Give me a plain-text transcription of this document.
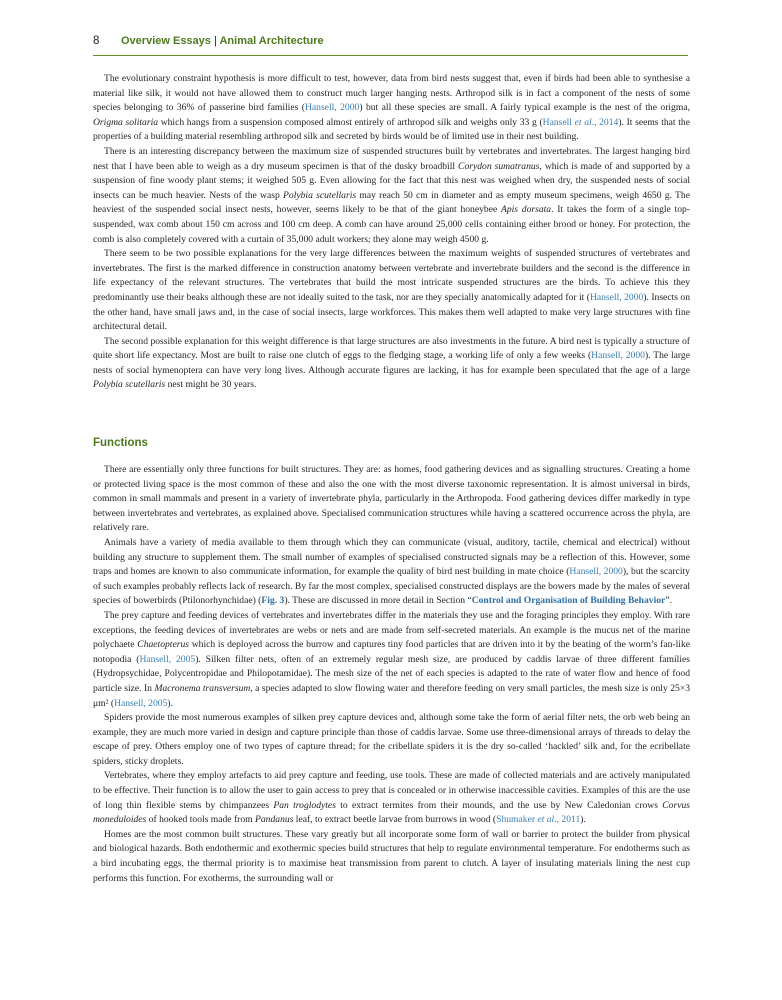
8 Overview Essays | Animal Architecture

The evolutionary constraint hypothesis is more difficult to test, however, data from bird nests suggest that, even if birds had been able to synthesise a material like silk, it would not have allowed them to construct much larger hanging nests. Arthropod silk is in fact a component of the nests of some species belonging to 36% of passerine bird families (Hansell, 2000) but all these species are small. A fairly typical example is the nest of the origma, Origma solitaria which hangs from a suspension composed almost entirely of arthropod silk and weighs only 33 g (Hansell et al., 2014). It seems that the properties of a building material resembling arthropod silk and secreted by birds would be of limited use in their nest building.

There is an interesting discrepancy between the maximum size of suspended structures built by vertebrates and invertebrates. The largest hanging bird nest that I have been able to weigh as a dry museum specimen is that of the dusky broadbill Corydon sumatranus, which is made of and supported by a suspension of fine woody plant stems; it weighed 505 g. Even allowing for the fact that this nest was weighed when dry, the suspended nests of social insects can be much heavier. Nests of the wasp Polybia scutellaris may reach 50 cm in diameter and as empty museum specimens, weigh 4650 g. The heaviest of the suspended social insect nests, however, seems likely to be that of the giant honeybee Apis dorsata. It takes the form of a single top-suspended, wax comb about 150 cm across and 100 cm deep. A comb can have around 25,000 cells containing either brood or honey. For protection, the comb is also completely covered with a curtain of 35,000 adult workers; they alone may weigh 4500 g.

There seem to be two possible explanations for the very large differences between the maximum weights of suspended structures of vertebrates and invertebrates. The first is the marked difference in construction anatomy between vertebrate and invertebrate builders and the second is the difference in life expectancy of the relevant structures. The vertebrates that build the most intricate suspended structures are the birds. To achieve this they predominantly use their beaks although these are not ideally suited to the task, nor are they specially anatomically adapted for it (Hansell, 2000). Insects on the other hand, have small jaws and, in the case of social insects, large workforces. This makes them well adapted to make very large structures with fine architectural detail.

The second possible explanation for this weight difference is that large structures are also investments in the future. A bird nest is typically a structure of quite short life expectancy. Most are built to raise one clutch of eggs to the fledging stage, a working life of only a few weeks (Hansell, 2000). The large nests of social hymenoptera can have very long lives. Although accurate figures are lacking, it has for example been speculated that the age of a large Polybia scutellaris nest might be 30 years.

Functions

There are essentially only three functions for built structures. They are: as homes, food gathering devices and as signalling structures. Creating a home or protected living space is the most common of these and also the one with the most diverse taxonomic representation. It is almost universal in birds, common in small mammals and present in a variety of invertebrate phyla, particularly in the Arthropoda. Food gathering devices differ markedly in type between invertebrates and vertebrates, as explained above. Specialised communication structures while having a scattered occurrence across the phyla, are relatively rare.

Animals have a variety of media available to them through which they can communicate (visual, auditory, tactile, chemical and electrical) without building any structure to supplement them. The small number of examples of specialised constructed signals may be a reflection of this. However, some traps and homes are known to also communicate information, for example the quality of bird nest building in mate choice (Hansell, 2000), but the scarcity of such examples probably reflects lack of research. By far the most complex, specialised constructed displays are the bowers made by the males of several species of bowerbirds (Ptilonorhynchidae) (Fig. 3). These are discussed in more detail in Section “Control and Organisation of Building Behavior”.

The prey capture and feeding devices of vertebrates and invertebrates differ in the materials they use and the foraging principles they employ. With rare exceptions, the feeding devices of invertebrates are webs or nets and are made from self-secreted materials. An example is the mucus net of the marine polychaete Chaetopterus which is deployed across the burrow and captures tiny food particles that are driven into it by the beating of the worm’s fan-like notopodia (Hansell, 2005). Silken filter nets, often of an extremely regular mesh size, are produced by caddis larvae of three different families (Hydropsychidae, Polycentropidae and Philopotamidae). The mesh size of the net of each species is adapted to the rate of water flow and hence of food particle size. In Macronema transversum, a species adapted to slow flowing water and therefore feeding on very small particles, the mesh size is only 25×3 μm² (Hansell, 2005).

Spiders provide the most numerous examples of silken prey capture devices and, although some take the form of aerial filter nets, the orb web being an example, they are much more varied in design and capture principle than those of caddis larvae. Some use three-dimensional arrays of threads to delay the escape of prey. Others employ one of two types of capture thread; for the cribellate spiders it is the dry so-called ‘hackled’ silk and, for the ecribellate spiders, sticky droplets.

Vertebrates, where they employ artefacts to aid prey capture and feeding, use tools. These are made of collected materials and are actively manipulated to be effective. Their function is to allow the user to gain access to prey that is concealed or in otherwise inaccessible cavities. Examples of this are the use of long thin flexible stems by chimpanzees Pan troglodytes to extract termites from their mounds, and the use by New Caledonian crows Corvus moneduloides of hooked tools made from Pandanus leaf, to extract beetle larvae from burrows in wood (Shumaker et al., 2011).

Homes are the most common built structures. These vary greatly but all incorporate some form of wall or barrier to protect the builder from physical and biological hazards. Both endothermic and exothermic species build structures that help to regulate environmental temperature. For endotherms such as a bird incubating eggs, the thermal priority is to maximise heat transmission from parent to clutch. A layer of insulating materials lining the nest cup performs this function. For exotherms, the surrounding wall or
